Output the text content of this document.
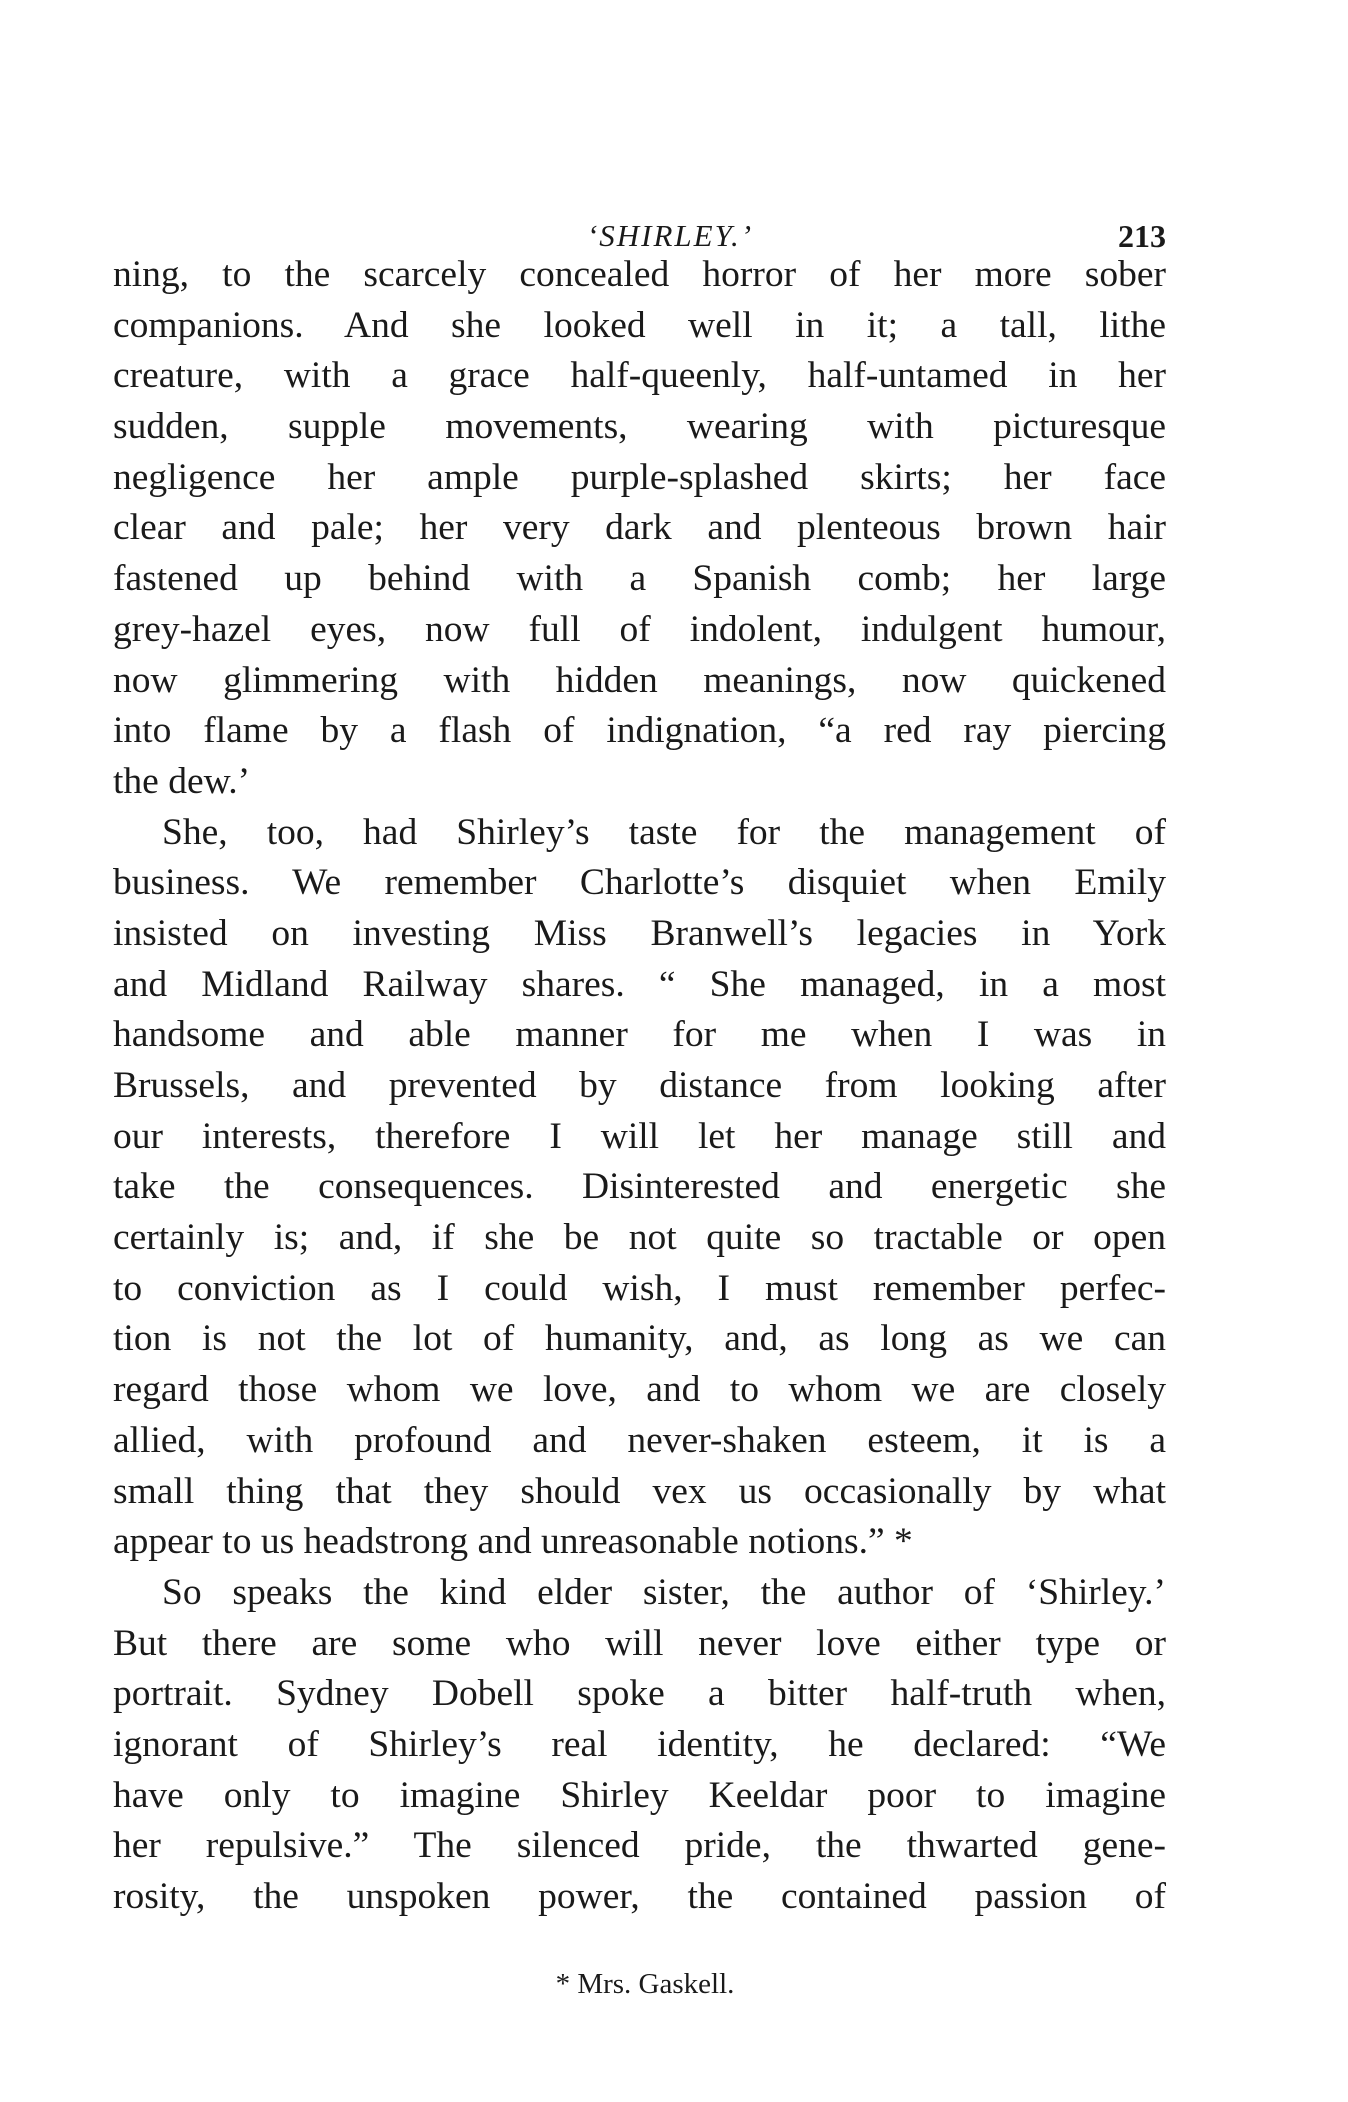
‘SHIRLEY.’	213
ning, to the scarcely concealed horror of her more sober
companions. And she looked well in it; a tall, lithe
creature, with a grace half-queenly, half-untamed in her
sudden, supple movements, wearing with picturesque
negligence her ample purple-splashed skirts; her face
clear and pale; her very dark and plenteous brown hair
fastened up behind with a Spanish comb; her large
grey-hazel eyes, now full of indolent, indulgent humour,
now glimmering with hidden meanings, now quickened
into flame by a flash of indignation, “a red ray piercing
the dew.’
She, too, had Shirley’s taste for the management of
business. We remember Charlotte’s disquiet when Emily
insisted on investing Miss Branwell’s legacies in York
and Midland Railway shares. “ She managed, in a most
handsome and able manner for me when I was in
Brussels, and prevented by distance from looking after
our interests, therefore I will let her manage still and
take the consequences. Disinterested and energetic she
certainly is; and, if she be not quite so tractable or open
to conviction as I could wish, I must remember perfec-
tion is not the lot of humanity, and, as long as we can
regard those whom we love, and to whom we are closely
allied, with profound and never-shaken esteem, it is a
small thing that they should vex us occasionally by what
appear to us headstrong and unreasonable notions.” *
So speaks the kind elder sister, the author of ‘Shirley.’
But there are some who will never love either type or
portrait. Sydney Dobell spoke a bitter half-truth when,
ignorant of Shirley’s real identity, he declared: “We
have only to imagine Shirley Keeldar poor to imagine
her repulsive.” The silenced pride, the thwarted gene-
rosity, the unspoken power, the contained passion of
* Mrs. Gaskell.
